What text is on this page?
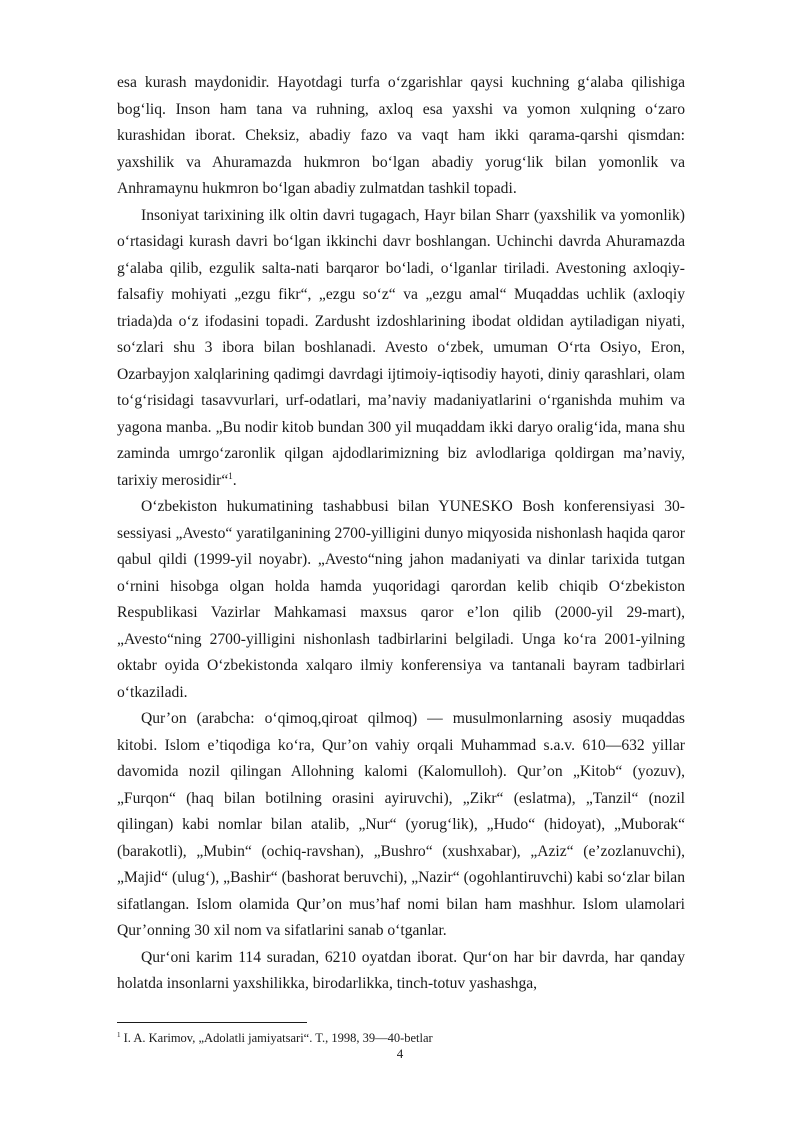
esa kurash maydonidir. Hayotdagi turfa o‘zgarishlar qaysi kuchning g‘alaba qilishiga bog‘liq. Inson ham tana va ruhning, axloq esa yaxshi va yomon xulqning o‘zaro kurashidan iborat. Cheksiz, abadiy fazo va vaqt ham ikki qarama-qarshi qismdan: yaxshilik va Ahuramazda hukmron bo‘lgan abadiy yorug‘lik bilan yomonlik va Anhramaynu hukmron bo‘lgan abadiy zulmatdan tashkil topadi.

Insoniyat tarixining ilk oltin davri tugagach, Hayr bilan Sharr (yaxshilik va yomonlik) o‘rtasidagi kurash davri bo‘lgan ikkinchi davr boshlangan. Uchinchi davrda Ahuramazda g‘alaba qilib, ezgulik salta-nati barqaror bo‘ladi, o‘lganlar tiriladi. Avestoning axloqiy-falsafiy mohiyati „ezgu fikr“, „ezgu so‘z“ va „ezgu amal“ Muqaddas uchlik (axloqiy triada)da o‘z ifodasini topadi. Zardusht izdoshlarining ibodat oldidan aytiladigan niyati, so‘zlari shu 3 ibora bilan boshlanadi. Avesto o‘zbek, umuman O‘rta Osiyo, Eron, Ozarbayjon xalqlarining qadimgi davrdagi ijtimoiy-iqtisodiy hayoti, diniy qarashlari, olam to‘g‘risidagi tasavvurlari, urf-odatlari, ma’naviy madaniyatlarini o‘rganishda muhim va yagona manba. „Bu nodir kitob bundan 300 yil muqaddam ikki daryo oralig‘ida, mana shu zaminda umrgo‘zaronlik qilgan ajdodlarimizning biz avlodlariga qoldirgan ma’naviy, tarixiy merosidir“$^1$.

O‘zbekiston hukumatining tashabbusi bilan YUNESKO Bosh konferensiyasi 30-sessiyasi „Avesto“ yaratilganining 2700-yilligini dunyo miqyosida nishonlash haqida qaror qabul qildi (1999-yil noyabr). „Avesto“ning jahon madaniyati va dinlar tarixida tutgan o‘rnini hisobga olgan holda hamda yuqoridagi qarordan kelib chiqib O‘zbekiston Respublikasi Vazirlar Mahkamasi maxsus qaror e’lon qilib (2000-yil 29-mart), „Avesto“ning 2700-yilligini nishonlash tadbirlarini belgiladi. Unga ko‘ra 2001-yilning oktabr oyida O‘zbekistonda xalqaro ilmiy konferensiya va tantanali bayram tadbirlari o‘tkaziladi.

Qur’on (arabcha: o‘qimoq,qiroat qilmoq) — musulmonlarning asosiy muqaddas kitobi. Islom e’tiqodiga ko‘ra, Qur’on vahiy orqali Muhammad s.a.v. 610—632 yillar davomida nozil qilingan Allohning kalomi (Kalomulloh). Qur’on „Kitob“ (yozuv), „Furqon“ (haq bilan botilning orasini ayiruvchi), „Zikr“ (eslatma), „Tanzil“ (nozil qilingan) kabi nomlar bilan atalib, „Nur“ (yorug‘lik), „Hudo“ (hidoyat), „Muborak“ (barakotli), „Mubin“ (ochiq-ravshan), „Bushro“ (xushxabar), „Aziz“ (e’zozlanuvchi), „Majid“ (ulug‘), „Bashir“ (bashorat beruvchi), „Nazir“ (ogohlantiruvchi) kabi so‘zlar bilan sifatlangan. Islom olamida Qur’on mus’haf nomi bilan ham mashhur. Islom ulamolari Qur’onning 30 xil nom va sifatlarini sanab o‘tganlar.

Qur‘oni karim 114 suradan, 6210 oyatdan iborat. Qur‘on har bir davrda, har qanday holatda insonlarni yaxshilikka, birodarlikka, tinch-totuv yashashga,

$^1$ I. A. Karimov, „Adolatli jamiyatsari“. T., 1998, 39—40-betlar
4
